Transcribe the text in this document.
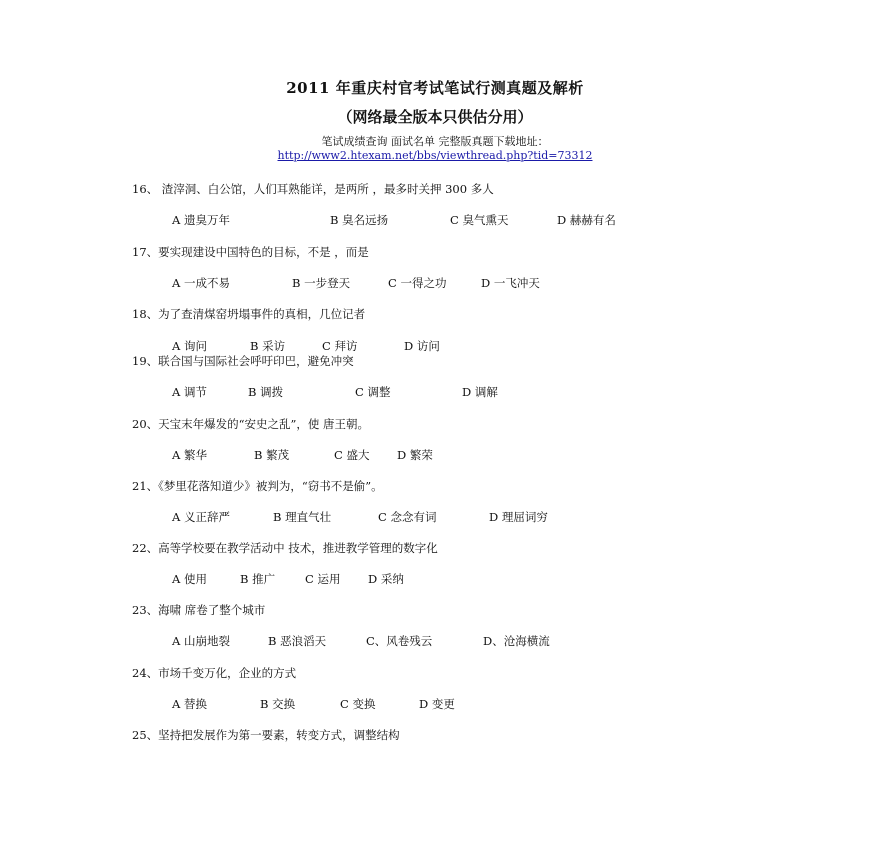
2011 年重庆村官考试笔试行测真题及解析
（网络最全版本只供估分用）
笔试成绩查询 面试名单 完整版真题下载地址：
http://www2.htexam.net/bbs/viewthread.php?tid=73312
16、 渣滓洞、白公馆，人们耳熟能详，是两所 ，最多时关押 300 多人
A 遗臭万年	B 臭名远扬	C 臭气熏天	D 赫赫有名
17、要实现建设中国特色的目标，不是 ，而是
A 一成不易	B 一步登天	C 一得之功	D 一飞冲天
18、为了查清煤窑坍塌事件的真相，几位记者
A 询问	B 采访	C 拜访	D 访问
19、联合国与国际社会呼吁印巴，避免冲突
A 调节	B 调拨	C 调整	D 调解
20、天宝末年爆发的“安史之乱”，使 唐王朝。
A 繁华	B 繁茂	C 盛大 D 繁荣
21、《梦里花落知道少》被判为，“窃书不是偷”。
A 义正辞严	B 理直气壮	C 念念有词	D 理屈词穷
22、高等学校要在教学活动中 技术，推进教学管理的数字化
A 使用	B 推广	C 运用 D 采纳
23、海啸 席卷了整个城市
A 山崩地裂	B 恶浪滔天	C、风卷残云	D、沧海横流
24、市场千变万化，企业的方式
A 替换	B 交换	C 变换	D 变更
25、坚持把发展作为第一要素，转变方式，调整结构
